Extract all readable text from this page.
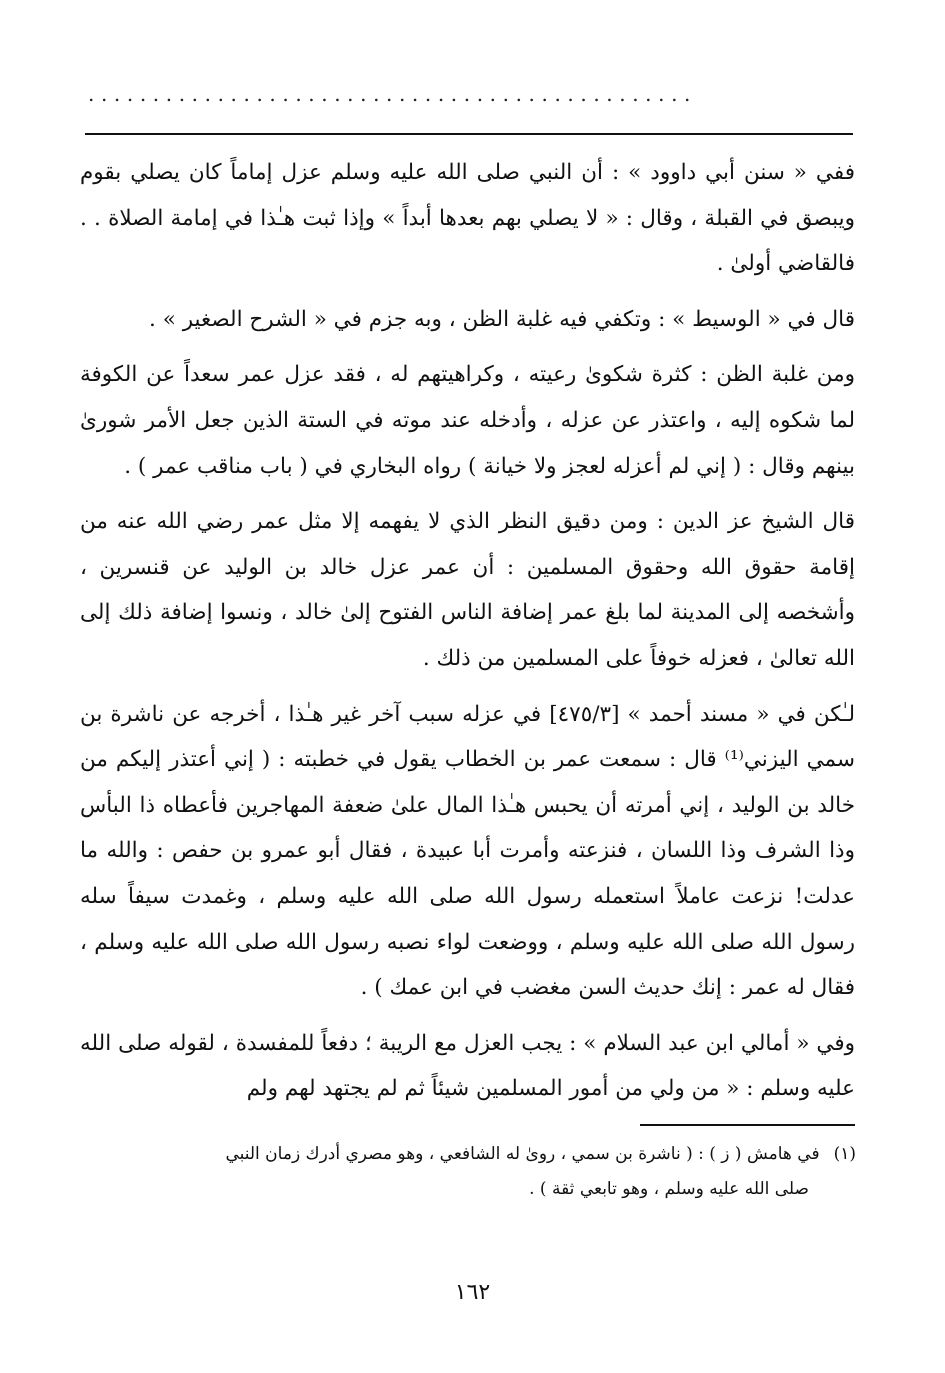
...............................................

ففي « سنن أبي داوود » : أن النبي صلى الله عليه وسلم عزل إماماً كان يصلي بقوم ويبصق في القبلة ، وقال : « لا يصلي بهم بعدها أبداً » وإذا ثبت هـٰذا في إمامة الصلاة . . فالقاضي أولىٰ .

قال في « الوسيط » : وتكفي فيه غلبة الظن ، وبه جزم في « الشرح الصغير » .

ومن غلبة الظن : كثرة شكوىٰ رعيته ، وكراهيتهم له ، فقد عزل عمر سعداً عن الكوفة لما شكوه إليه ، واعتذر عن عزله ، وأدخله عند موته في الستة الذين جعل الأمر شورىٰ بينهم وقال : ( إني لم أعزله لعجز ولا خيانة ) رواه البخاري في ( باب مناقب عمر ) .

قال الشيخ عز الدين : ومن دقيق النظر الذي لا يفهمه إلا مثل عمر رضي الله عنه من إقامة حقوق الله وحقوق المسلمين : أن عمر عزل خالد بن الوليد عن قنسرين ، وأشخصه إلى المدينة لما بلغ عمر إضافة الناس الفتوح إلىٰ خالد ، ونسوا إضافة ذلك إلى الله تعالىٰ ، فعزله خوفاً على المسلمين من ذلك .

لـٰكن في « مسند أحمد » [٤٧٥/٣] في عزله سبب آخر غير هـٰذا ، أخرجه عن ناشرة بن سمي اليزني⁽¹⁾ قال : سمعت عمر بن الخطاب يقول في خطبته : ( إني أعتذر إليكم من خالد بن الوليد ، إني أمرته أن يحبس هـٰذا المال علىٰ ضعفة المهاجرين فأعطاه ذا البأس وذا الشرف وذا اللسان ، فنزعته وأمرت أبا عبيدة ، فقال أبو عمرو بن حفص : والله ما عدلت! نزعت عاملاً استعمله رسول الله صلى الله عليه وسلم ، وغمدت سيفاً سله رسول الله صلى الله عليه وسلم ، ووضعت لواء نصبه رسول الله صلى الله عليه وسلم ، فقال له عمر : إنك حديث السن مغضب في ابن عمك ) .

وفي « أمالي ابن عبد السلام » : يجب العزل مع الريبة ؛ دفعاً للمفسدة ، لقوله صلى الله عليه وسلم : « من ولي من أمور المسلمين شيئاً ثم لم يجتهد لهم ولم

(١)في هامش ( ز ) : ( ناشرة بن سمي ، روىٰ له الشافعي ، وهو مصري أدرك زمان النبي
صلى الله عليه وسلم ، وهو تابعي ثقة ) .
١٦٢
